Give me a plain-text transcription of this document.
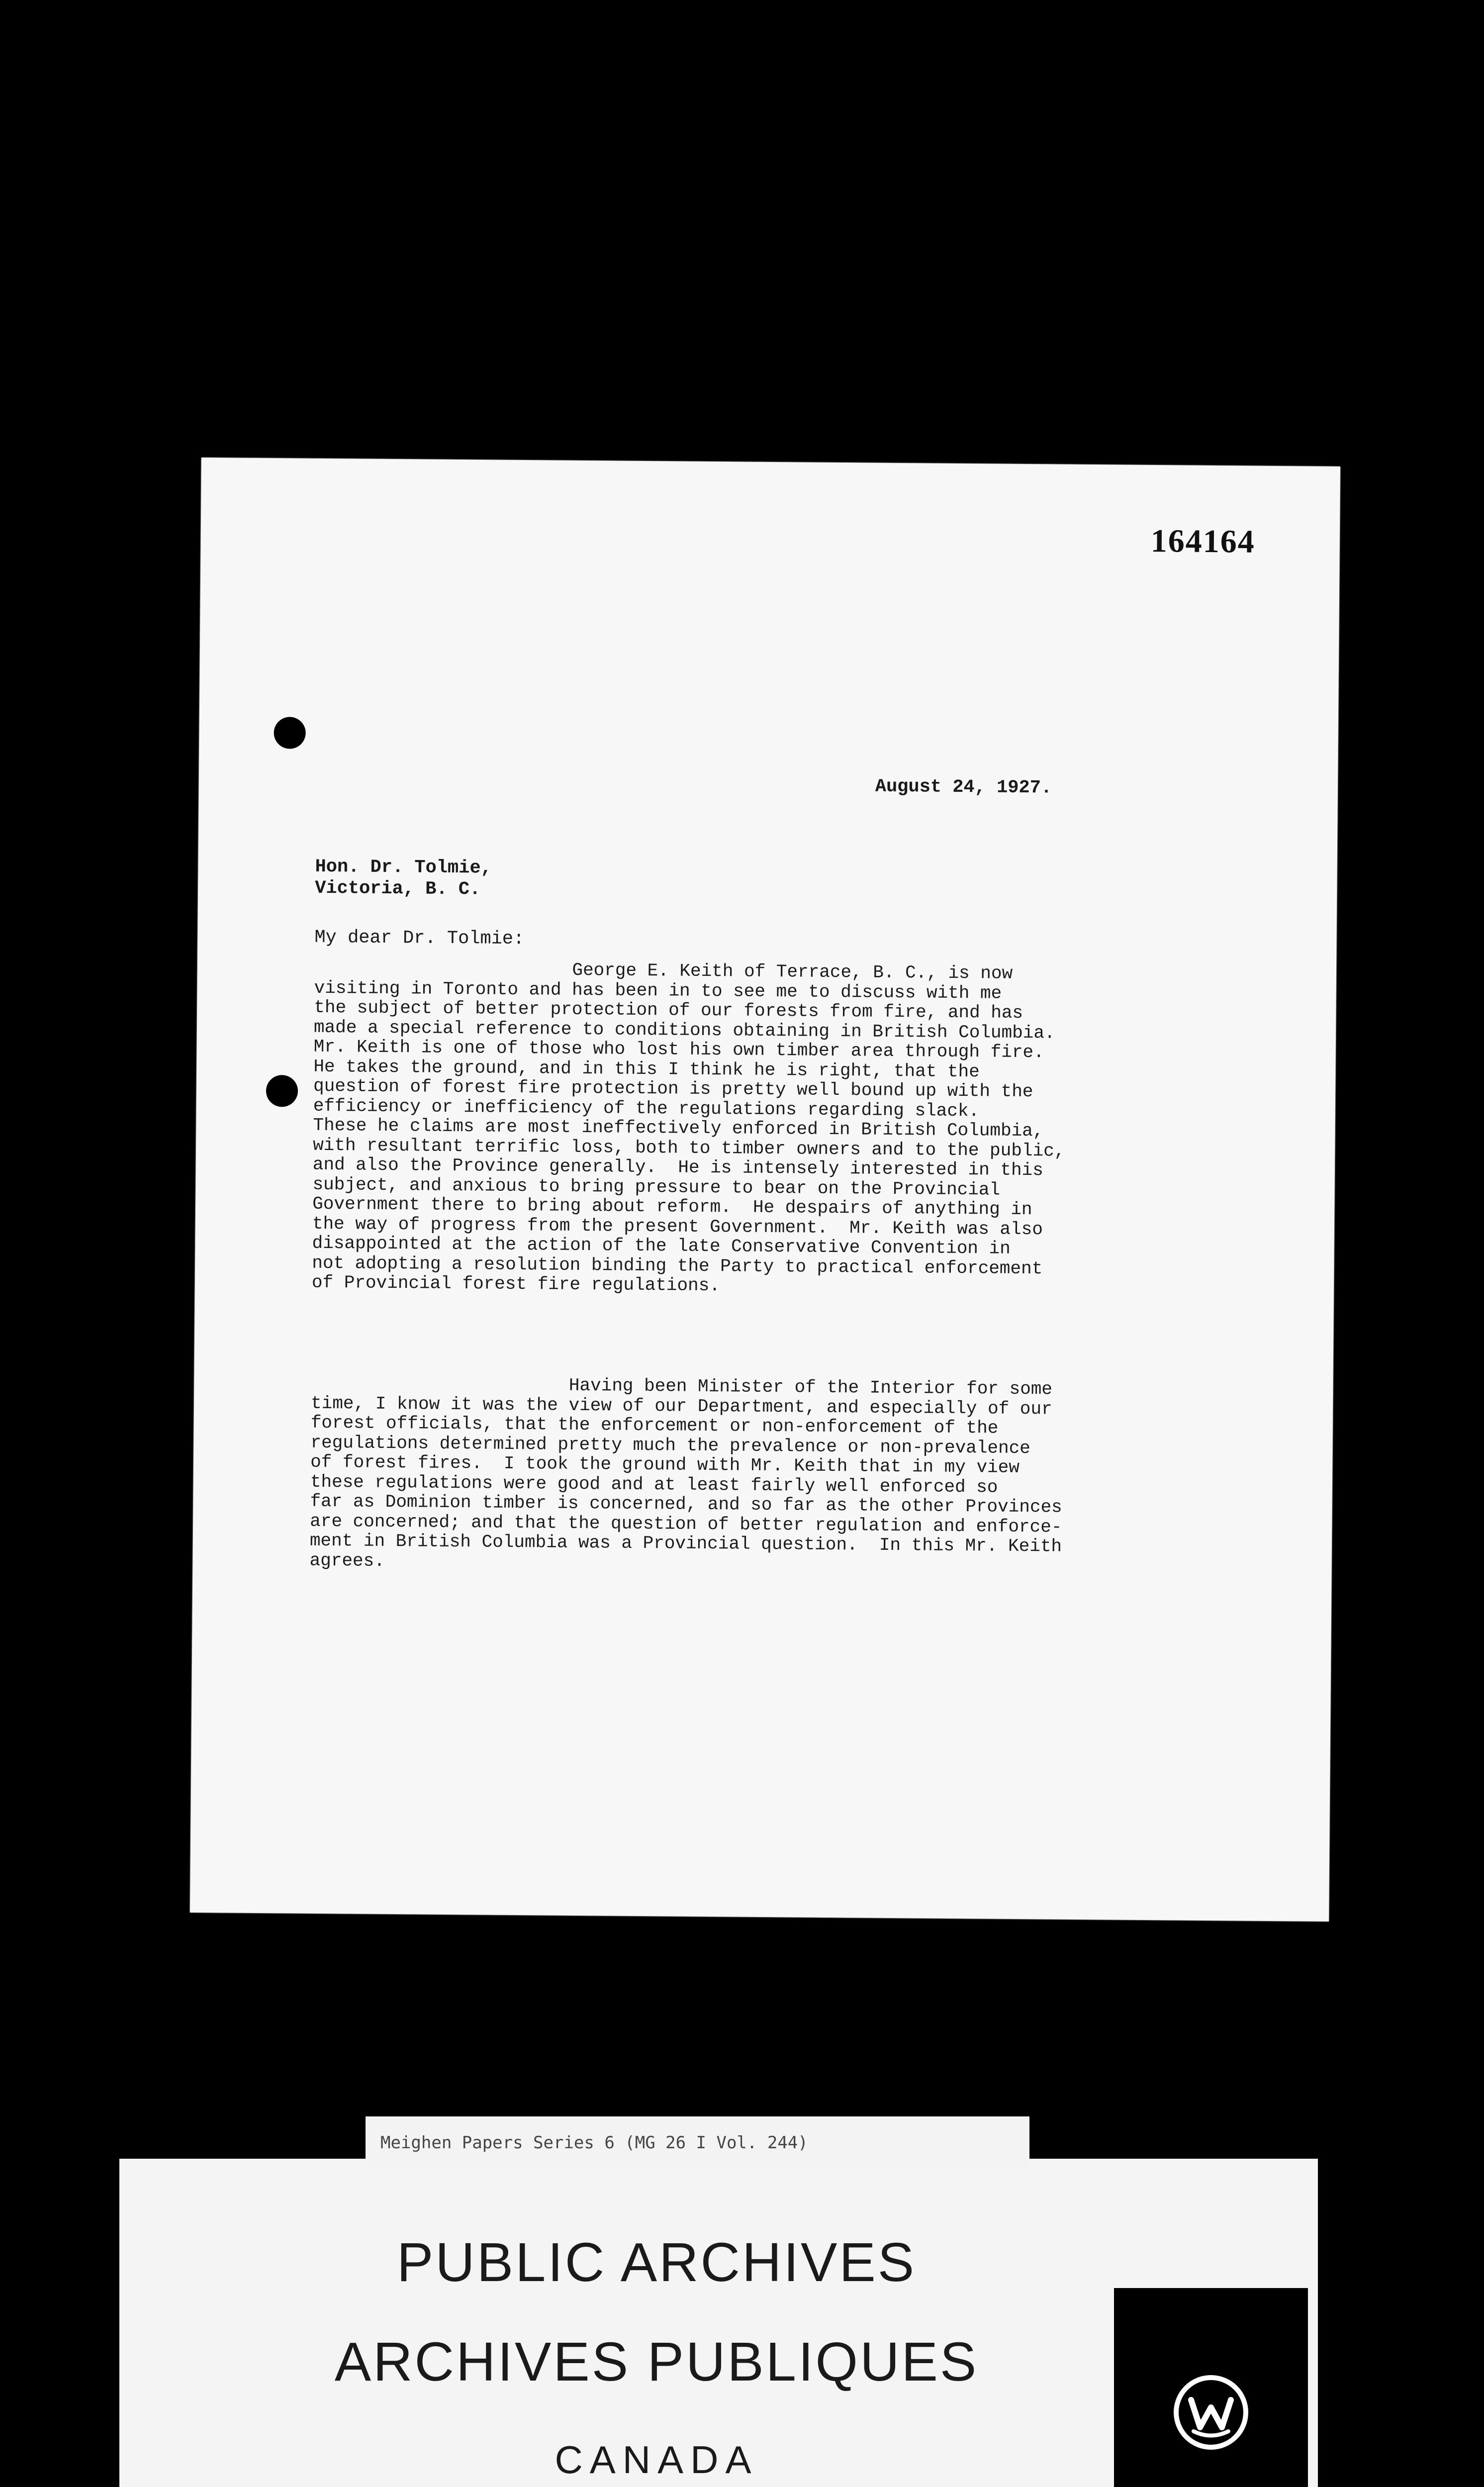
164164
August 24, 1927.
Hon. Dr. Tolmie,
Victoria, B. C.
My dear Dr. Tolmie:
George E. Keith of Terrace, B. C., is now
visiting in Toronto and has been in to see me to discuss with me
the subject of better protection of our forests from fire, and has
made a special reference to conditions obtaining in British Columbia.
Mr. Keith is one of those who lost his own timber area through fire.
He takes the ground, and in this I think he is right, that the
question of forest fire protection is pretty well bound up with the
efficiency or inefficiency of the regulations regarding slack.
These he claims are most ineffectively enforced in British Columbia,
with resultant terrific loss, both to timber owners and to the public,
and also the Province generally.  He is intensely interested in this
subject, and anxious to bring pressure to bear on the Provincial
Government there to bring about reform.  He despairs of anything in
the way of progress from the present Government.  Mr. Keith was also
disappointed at the action of the late Conservative Convention in
not adopting a resolution binding the Party to practical enforcement
of Provincial forest fire regulations.
Having been Minister of the Interior for some
time, I know it was the view of our Department, and especially of our
forest officials, that the enforcement or non-enforcement of the
regulations determined pretty much the prevalence or non-prevalence
of forest fires.  I took the ground with Mr. Keith that in my view
these regulations were good and at least fairly well enforced so
far as Dominion timber is concerned, and so far as the other Provinces
are concerned; and that the question of better regulation and enforce-
ment in British Columbia was a Provincial question.  In this Mr. Keith
agrees.
PUBLIC ARCHIVES
ARCHIVES PUBLIQUES
CANADA
Meighen Papers Series 6 (MG 26 I Vol. 244)
